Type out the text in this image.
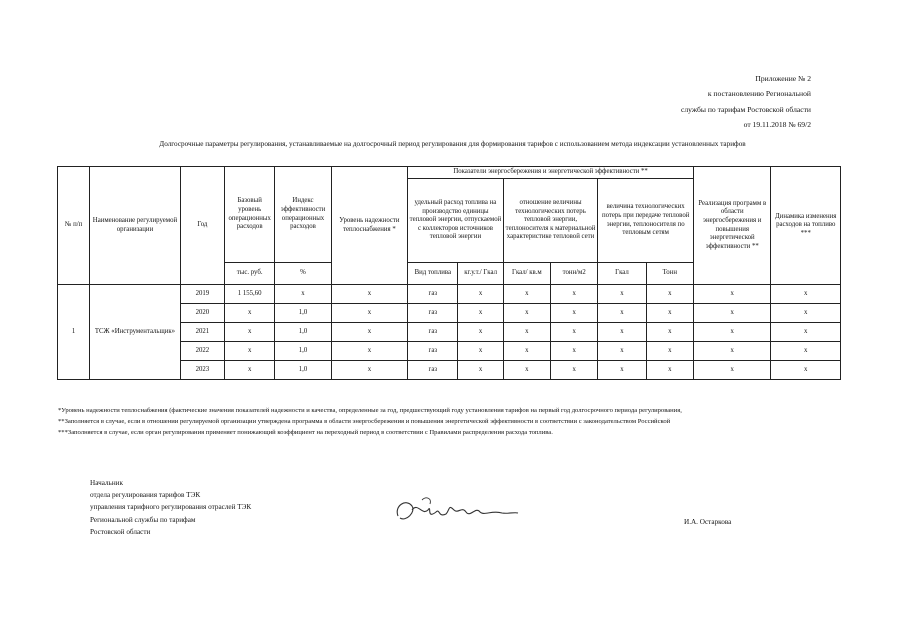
Приложение № 2
к постановлению Региональной
службы по тарифам Ростовской области
от 19.11.2018 № 69/2
Долгосрочные параметры регулирования, устанавливаемые на долгосрочный период регулирования для формирования тарифов с использованием метода индексации установленных тарифов
№ п/п	Наименование регулируемой организации	Год	Базовый уровень операционных расходов	Индекс эффективности операционных расходов	Уровень надежности теплоснабжения *	Показатели энергосбережения и энергетической эффективности **						Реализация программ в области энергосбережения и повышения энергетической эффективности **	Динамика изменения расходов на топливо ***
						удельный расход топлива на производство единицы тепловой энергии, отпускаемой с коллекторов источников тепловой энергии		отношение величины технологических потерь тепловой энергии, теплоносителя к материальной характеристике тепловой сети		величина технологических потерь при передаче тепловой энергии, теплоносителя по тепловым сетям			
			тыс. руб.	%		Вид топлива	кг.у.т./ Гкал	Гкал/ кв.м	тонн/м2	Гкал	Тонн		
1	ТСЖ «Инструментальщик»	2019	1 155,60	х	х	газ	х	х	х	х	х	х	х
		2020	х	1,0	х	газ	х	х	х	х	х	х	х
		2021	х	1,0	х	газ	х	х	х	х	х	х	х
		2022	х	1,0	х	газ	х	х	х	х	х	х	х
		2023	х	1,0	х	газ	х	х	х	х	х	х	х
*Уровень надежности теплоснабжения (фактические значения показателей надежности и качества, определенные за год, предшествующий году установления тарифов на первый год долгосрочного периода регулирования,
**Заполняется в случае, если в отношении регулируемой организации утверждена программа в области энергосбережения и повышения энергетической эффективности в соответствии с законодательством Российской
***Заполняется в случае, если орган регулирования применяет понижающий коэффициент на переходный период в соответствии с Правилами распределения расхода топлива.
Начальник
отдела регулирования тарифов ТЭК
управления тарифного регулирования отраслей ТЭК
Региональной службы по тарифам
Ростовской области
И.А. Остаркова
